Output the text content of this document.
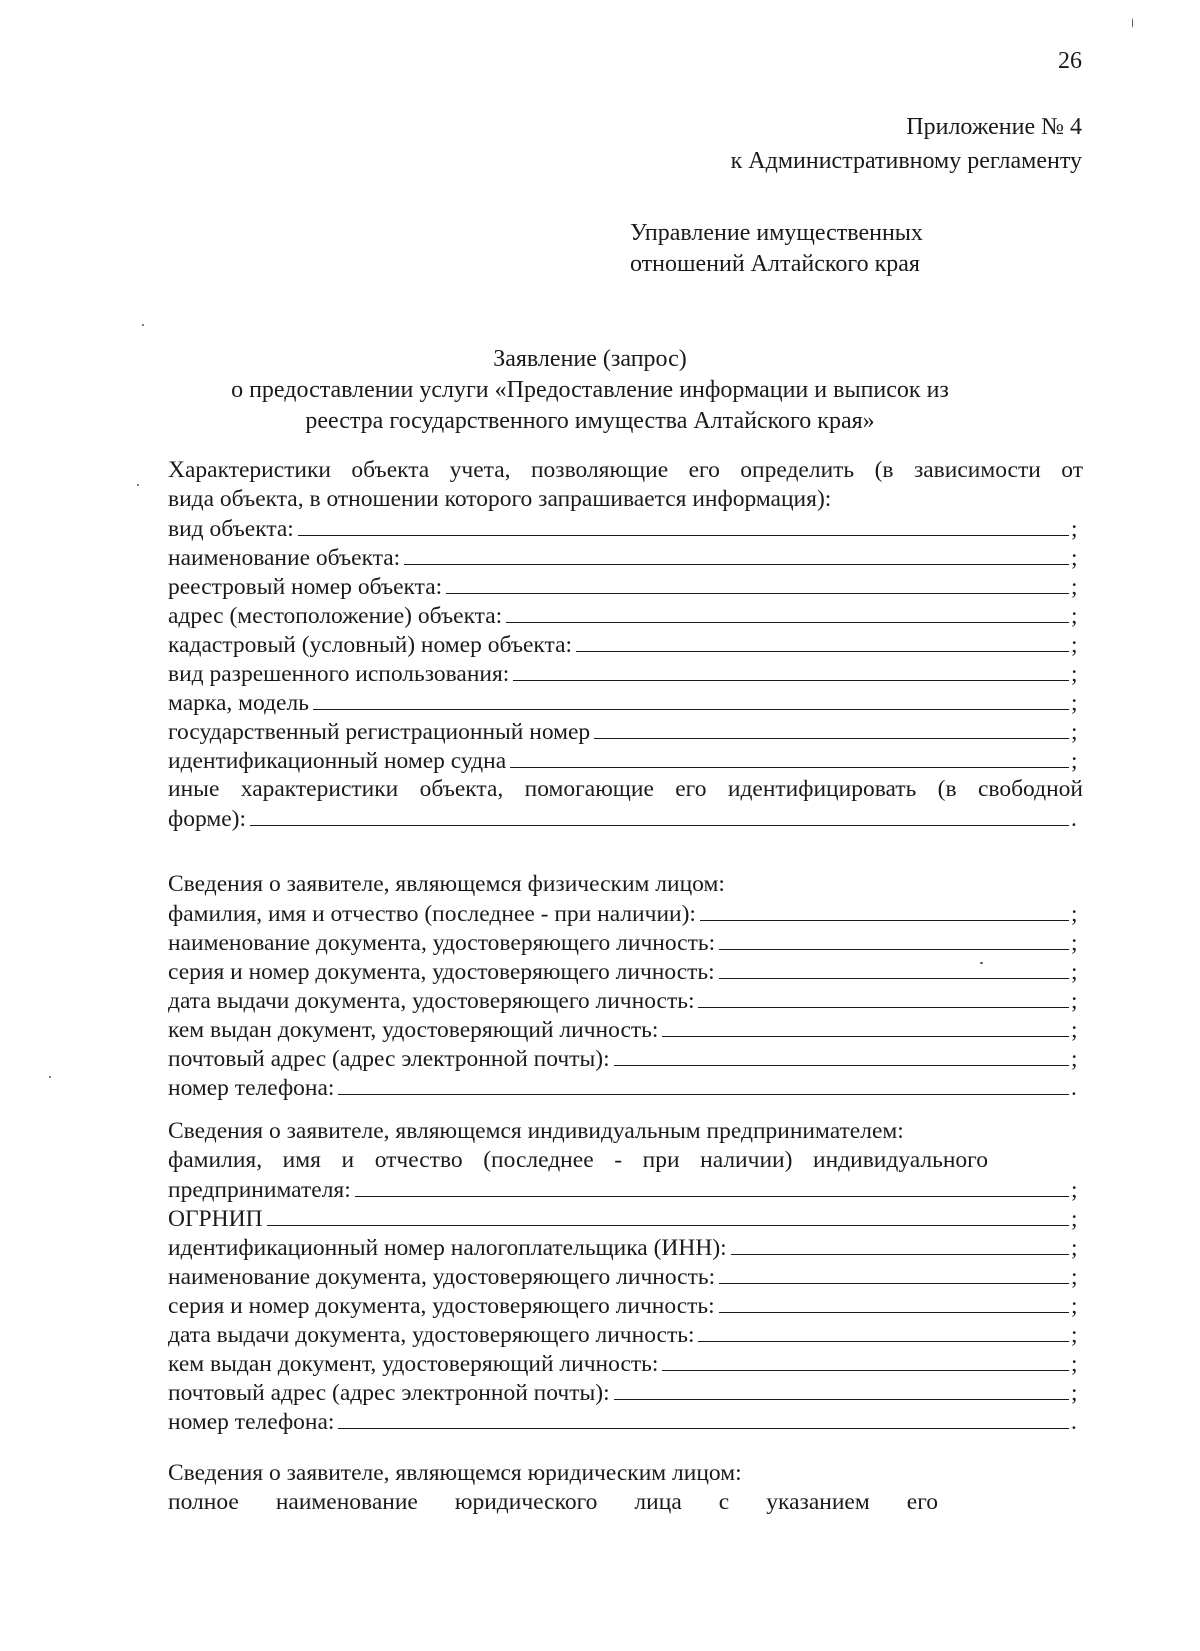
26
Приложение № 4
к Административному регламенту
Управление имущественных
отношений Алтайского края
Заявление (запрос)
о предоставлении услуги «Предоставление информации и выписок из
реестра государственного имущества Алтайского края»
Характеристики объекта учета, позволяющие его определить (в зависимости от
вида объекта, в отношении которого запрашивается информация):
вид объекта:	;
наименование объекта:	;
реестровый номер объекта:	;
адрес (местоположение) объекта:	;
кадастровый (условный) номер объекта:	;
вид разрешенного использования:	;
марка, модель	;
государственный регистрационный номер	;
идентификационный номер судна	;
иные характеристики объекта, помогающие его идентифицировать (в свободной
форме):	.
Сведения о заявителе, являющемся физическим лицом:
фамилия, имя и отчество (последнее - при наличии):	;
наименование документа, удостоверяющего личность:	;
серия и номер документа, удостоверяющего личность:	;
дата выдачи документа, удостоверяющего личность:	;
кем выдан документ, удостоверяющий личность:	;
почтовый адрес (адрес электронной почты):	;
номер телефона:	.
Сведения о заявителе, являющемся индивидуальным предпринимателем:
фамилия, имя и отчество (последнее - при наличии) индивидуального
предпринимателя:	;
ОГРНИП	;
идентификационный номер налогоплательщика (ИНН):	;
наименование документа, удостоверяющего личность:	;
серия и номер документа, удостоверяющего личность:	;
дата выдачи документа, удостоверяющего личность:	;
кем выдан документ, удостоверяющий личность:	;
почтовый адрес (адрес электронной почты):	;
номер телефона:	.
Сведения о заявителе, являющемся юридическим лицом:
полное наименование юридического лица с указанием его
